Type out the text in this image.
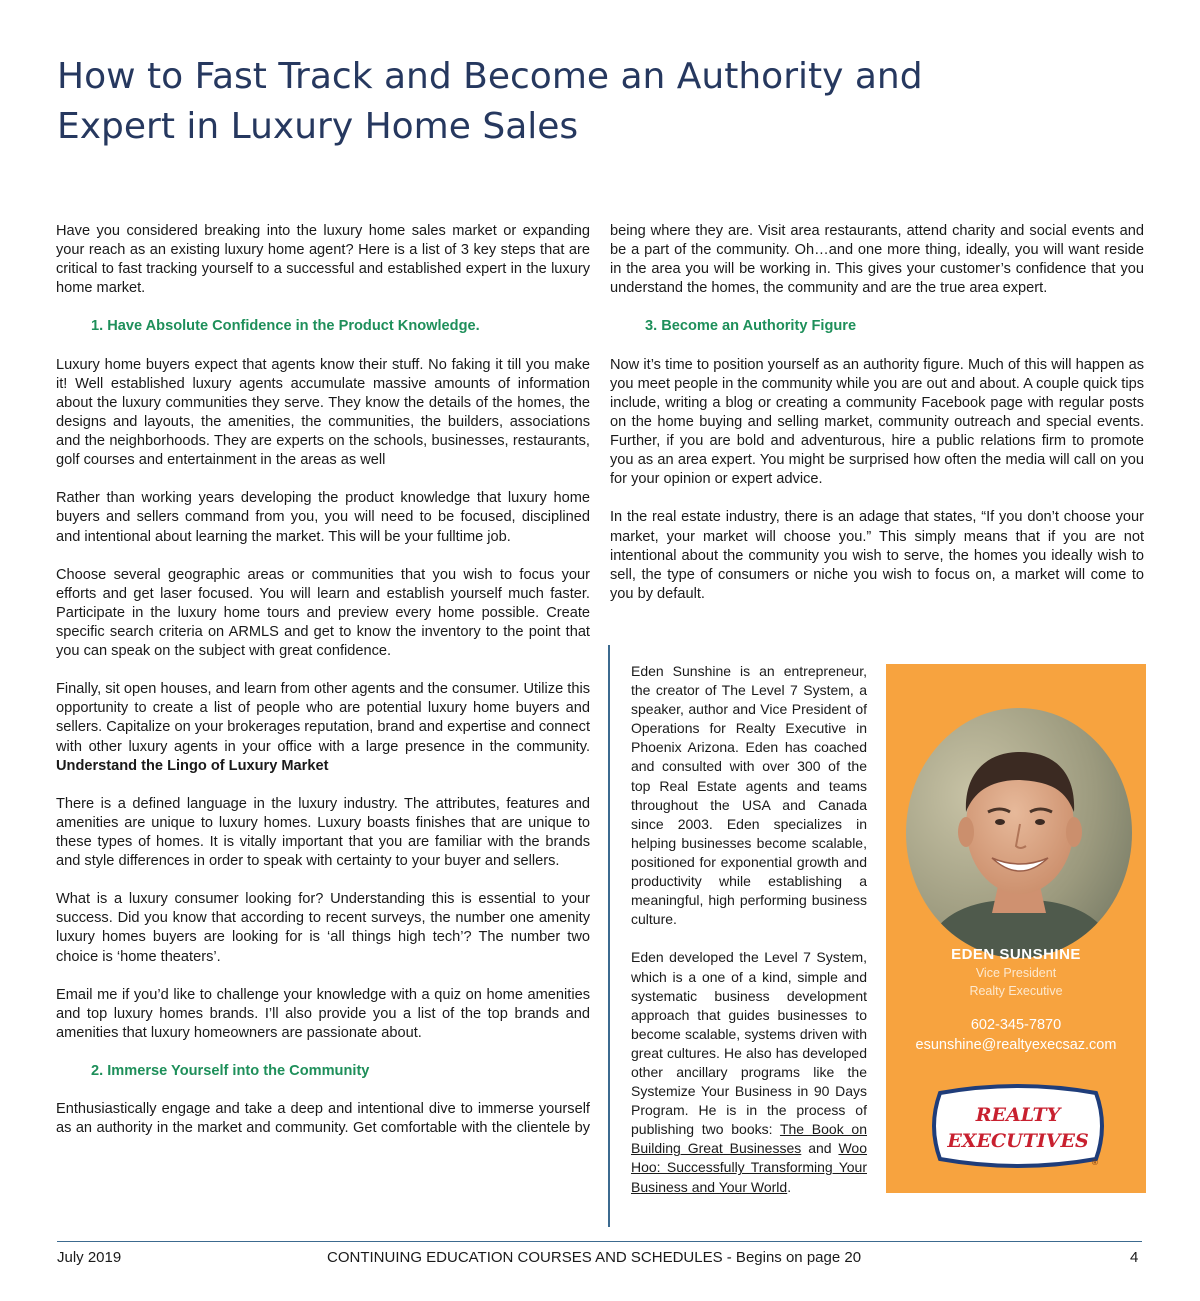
How to Fast Track and Become an Authority and
Expert in Luxury Home Sales

Have you considered breaking into the luxury home sales market or expanding your reach as an existing luxury home agent? Here is a list of 3 key steps that are critical to fast tracking yourself to a successful and established expert in the luxury home market.

1. Have Absolute Confidence in the Product Knowledge.

Luxury home buyers expect that agents know their stuff. No faking it till you make it! Well established luxury agents accumulate massive amounts of information about the luxury communities they serve. They know the details of the homes, the designs and layouts, the amenities, the communities, the builders, associations and the neighborhoods. They are experts on the schools, businesses, restaurants, golf courses and entertainment in the areas as well

Rather than working years developing the product knowledge that luxury home buyers and sellers command from you, you will need to be focused, disciplined and intentional about learning the market. This will be your fulltime job.

Choose several geographic areas or communities that you wish to focus your efforts and get laser focused. You will learn and establish yourself much faster. Participate in the luxury home tours and preview every home possible. Create specific search criteria on ARMLS and get to know the inventory to the point that you can speak on the subject with great confidence.

Finally, sit open houses, and learn from other agents and the consumer. Utilize this opportunity to create a list of people who are potential luxury home buyers and sellers. Capitalize on your brokerages reputation, brand and expertise and connect with other luxury agents in your office with a large presence in the community. Understand the Lingo of Luxury Market

There is a defined language in the luxury industry. The attributes, features and amenities are unique to luxury homes. Luxury boasts finishes that are unique to these types of homes. It is vitally important that you are familiar with the brands and style differences in order to speak with certainty to your buyer and sellers.

What is a luxury consumer looking for? Understanding this is essential to your success. Did you know that according to recent surveys, the number one amenity luxury homes buyers are looking for is ‘all things high tech’? The number two choice is ‘home theaters’.

Email me if you’d like to challenge your knowledge with a quiz on home amenities and top luxury homes brands. I’ll also provide you a list of the top brands and amenities that luxury homeowners are passionate about.

2. Immerse Yourself into the Community

Enthusiastically engage and take a deep and intentional dive to immerse yourself as an authority in the market and community. Get comfortable with the clientele by

Eden Sunshine is an entrepreneur, the creator of The Level 7 System, a speaker, author and Vice President of Operations for Realty Executive in Phoenix Arizona. Eden has coached and consulted with over 300 of the top Real Estate agents and teams throughout the USA and Canada since 2003. Eden specializes in helping businesses become scalable, positioned for exponential growth and productivity while establishing a meaningful, high performing business culture.

Eden developed the Level 7 System, which is a one of a kind, simple and systematic business development approach that guides businesses to become scalable, systems driven with great cultures. He also has developed other ancillary programs like the Systemize Your Business in 90 Days Program. He is in the process of publishing two books: The Book on Building Great Businesses and Woo Hoo: Successfully Transforming Your Business and Your World.

EDEN SUNSHINE
Vice President
Realty Executive
602-345-7870
esunshine@realtyexecsaz.com
REALTY
EXECUTIVES
®
July 2019	CONTINUING EDUCATION COURSES AND SCHEDULES - Begins on page 20	4

being where they are. Visit area restaurants, attend charity and social events and be a part of the community. Oh…and one more thing, ideally, you will want reside in the area you will be working in. This gives your customer’s confidence that you understand the homes, the community and are the true area expert.

3. Become an Authority Figure

Now it’s time to position yourself as an authority figure. Much of this will happen as you meet people in the community while you are out and about. A couple quick tips include, writing a blog or creating a community Facebook page with regular posts on the home buying and selling market, community outreach and special events. Further, if you are bold and adventurous, hire a public relations firm to promote you as an area expert. You might be surprised how often the media will call on you for your opinion or expert advice.

In the real estate industry, there is an adage that states, “If you don’t choose your market, your market will choose you.” This simply means that if you are not intentional about the community you wish to serve, the homes you ideally wish to sell, the type of consumers or niche you wish to focus on, a market will come to you by default.
